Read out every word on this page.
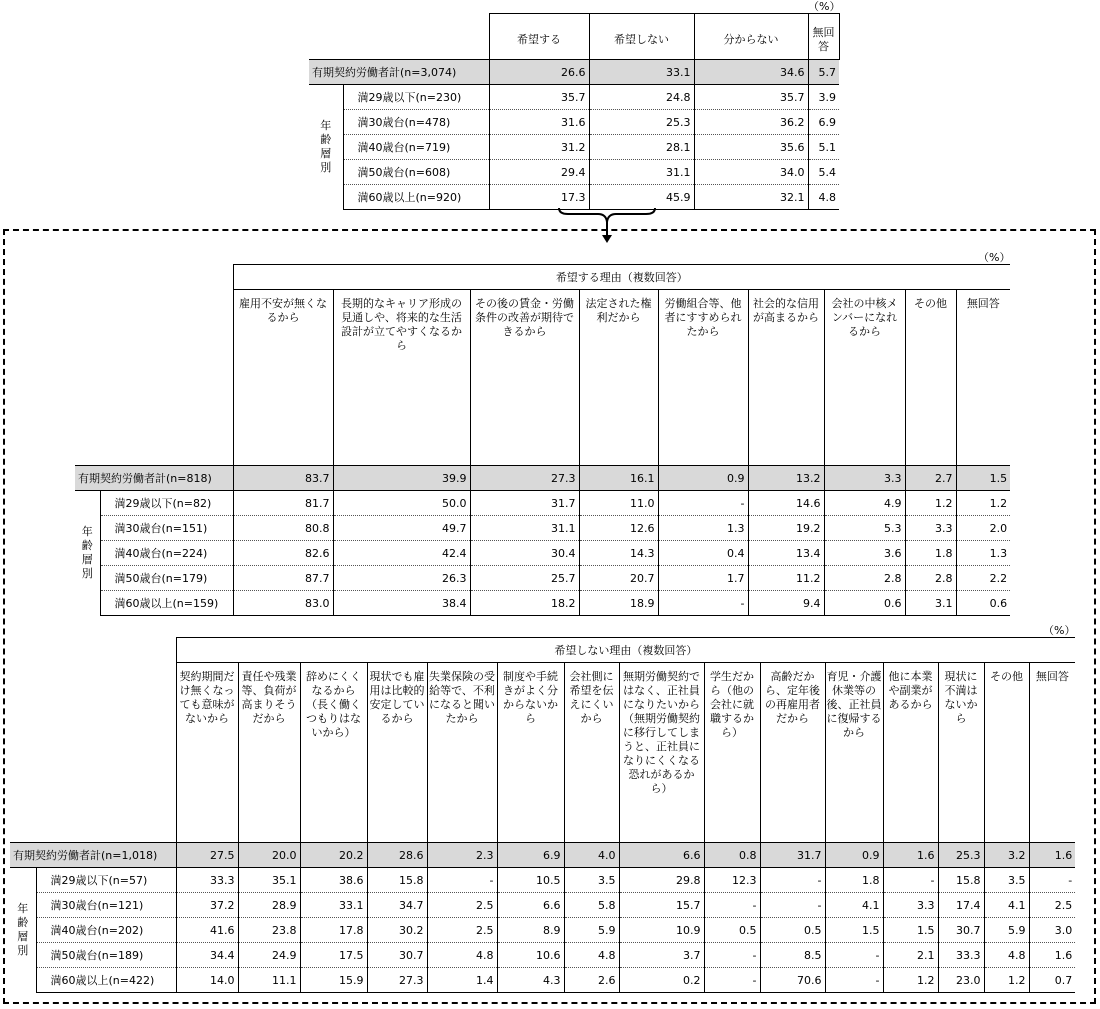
（%）
		希望する	希望しない	分からない	無回答
有期契約労働者計(n=3,074)		26.6	33.1	34.6	5.7
年齢層別	満29歳以下(n=230)	35.7	24.8	35.7	3.9
	満30歳台(n=478)	31.6	25.3	36.2	6.9
	満40歳台(n=719)	31.2	28.1	35.6	5.1
	満50歳台(n=608)	29.4	31.1	34.0	5.4
	満60歳以上(n=920)	17.3	45.9	32.1	4.8
（%）
		希望する理由（複数回答）								
		雇用不安が無くなるから	長期的なキャリア形成の見通しや、将来的な生活設計が立てやすくなるから	その後の賃金・労働条件の改善が期待できるから	法定された権利だから	労働組合等、他者にすすめられたから	社会的な信用が高まるから	会社の中核メンバーになれるから	その他	無回答
有期契約労働者計(n=818)		83.7	39.9	27.3	16.1	0.9	13.2	3.3	2.7	1.5
年齢層別	満29歳以下(n=82)	81.7	50.0	31.7	11.0	-	14.6	4.9	1.2	1.2
	満30歳台(n=151)	80.8	49.7	31.1	12.6	1.3	19.2	5.3	3.3	2.0
	満40歳台(n=224)	82.6	42.4	30.4	14.3	0.4	13.4	3.6	1.8	1.3
	満50歳台(n=179)	87.7	26.3	25.7	20.7	1.7	11.2	2.8	2.8	2.2
	満60歳以上(n=159)	83.0	38.4	18.2	18.9	-	9.4	0.6	3.1	0.6
（%）
		希望しない理由（複数回答）														
		契約期間だけ無くなっても意味がないから	責任や残業等、負荷が高まりそうだから	辞めにくくなるから（長く働くつもりはないから）	現状でも雇用は比較的安定しているから	失業保険の受給等で、不利になると聞いたから	制度や手続きがよく分からないから	会社側に希望を伝えにくいから	無期労働契約ではなく、正社員になりたいから（無期労働契約に移行してしまうと、正社員になりにくくなる恐れがあるから）	学生だから（他の会社に就職するから）	高齢だから、定年後の再雇用者だから	育児・介護休業等の後、正社員に復帰するから	他に本業や副業があるから	現状に不満はないから	その他	無回答
有期契約労働者計(n=1,018)		27.5	20.0	20.2	28.6	2.3	6.9	4.0	6.6	0.8	31.7	0.9	1.6	25.3	3.2	1.6
年齢層別	満29歳以下(n=57)	33.3	35.1	38.6	15.8	-	10.5	3.5	29.8	12.3	-	1.8	-	15.8	3.5	-
	満30歳台(n=121)	37.2	28.9	33.1	34.7	2.5	6.6	5.8	15.7	-	-	4.1	3.3	17.4	4.1	2.5
	満40歳台(n=202)	41.6	23.8	17.8	30.2	2.5	8.9	5.9	10.9	0.5	0.5	1.5	1.5	30.7	5.9	3.0
	満50歳台(n=189)	34.4	24.9	17.5	30.7	4.8	10.6	4.8	3.7	-	8.5	-	2.1	33.3	4.8	1.6
	満60歳以上(n=422)	14.0	11.1	15.9	27.3	1.4	4.3	2.6	0.2	-	70.6	-	1.2	23.0	1.2	0.7
